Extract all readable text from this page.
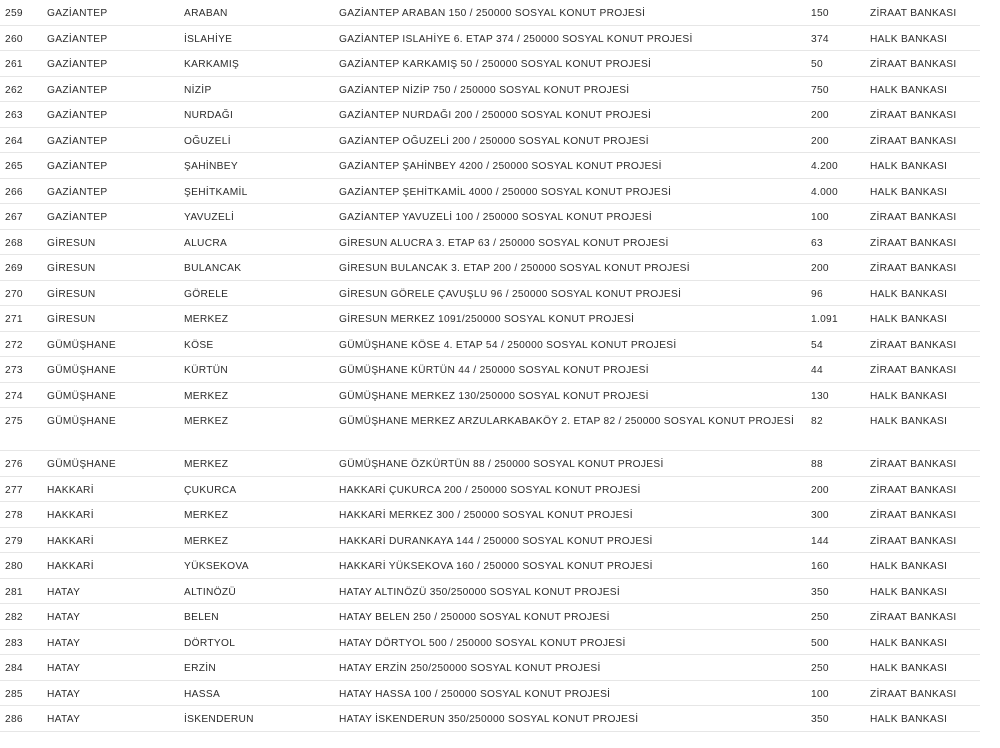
259	GAZİANTEP	ARABAN	GAZİANTEP ARABAN 150 / 250000 SOSYAL KONUT PROJESİ	150	ZİRAAT BANKASI
260	GAZİANTEP	İSLAHİYE	GAZİANTEP ISLAHİYE 6. ETAP 374 / 250000 SOSYAL KONUT PROJESİ	374	HALK BANKASI
261	GAZİANTEP	KARKAMIŞ	GAZİANTEP KARKAMIŞ 50 / 250000 SOSYAL KONUT PROJESİ	50	ZİRAAT BANKASI
262	GAZİANTEP	NİZİP	GAZİANTEP NİZİP 750 / 250000 SOSYAL KONUT PROJESİ	750	HALK BANKASI
263	GAZİANTEP	NURDAĞI	GAZİANTEP NURDAĞI 200 / 250000 SOSYAL KONUT PROJESİ	200	ZİRAAT BANKASI
264	GAZİANTEP	OĞUZELİ	GAZİANTEP OĞUZELİ 200 / 250000 SOSYAL KONUT PROJESİ	200	ZİRAAT BANKASI
265	GAZİANTEP	ŞAHİNBEY	GAZİANTEP ŞAHİNBEY 4200 / 250000 SOSYAL KONUT PROJESİ	4.200	HALK BANKASI
266	GAZİANTEP	ŞEHİTKAMİL	GAZİANTEP ŞEHİTKAMİL 4000 / 250000 SOSYAL KONUT PROJESİ	4.000	HALK BANKASI
267	GAZİANTEP	YAVUZELİ	GAZİANTEP YAVUZELİ 100 / 250000 SOSYAL KONUT PROJESİ	100	ZİRAAT BANKASI
268	GİRESUN	ALUCRA	GİRESUN ALUCRA 3. ETAP 63 / 250000 SOSYAL KONUT PROJESİ	63	ZİRAAT BANKASI
269	GİRESUN	BULANCAK	GİRESUN BULANCAK 3. ETAP 200 / 250000 SOSYAL KONUT PROJESİ	200	ZİRAAT BANKASI
270	GİRESUN	GÖRELE	GİRESUN GÖRELE ÇAVUŞLU 96 / 250000 SOSYAL KONUT PROJESİ	96	HALK BANKASI
271	GİRESUN	MERKEZ	GİRESUN MERKEZ 1091/250000 SOSYAL KONUT PROJESİ	1.091	HALK BANKASI
272	GÜMÜŞHANE	KÖSE	GÜMÜŞHANE KÖSE 4. ETAP 54 / 250000 SOSYAL KONUT PROJESİ	54	ZİRAAT BANKASI
273	GÜMÜŞHANE	KÜRTÜN	GÜMÜŞHANE KÜRTÜN 44 / 250000 SOSYAL KONUT PROJESİ	44	ZİRAAT BANKASI
274	GÜMÜŞHANE	MERKEZ	GÜMÜŞHANE MERKEZ 130/250000 SOSYAL KONUT PROJESİ	130	HALK BANKASI
275	GÜMÜŞHANE	MERKEZ	GÜMÜŞHANE MERKEZ ARZULARKABAKÖY 2. ETAP 82 / 250000 SOSYAL KONUT PROJESİ	82	HALK BANKASI
276	GÜMÜŞHANE	MERKEZ	GÜMÜŞHANE ÖZKÜRTÜN 88 / 250000 SOSYAL KONUT PROJESİ	88	ZİRAAT BANKASI
277	HAKKARİ	ÇUKURCA	HAKKARİ ÇUKURCA 200 / 250000 SOSYAL KONUT PROJESİ	200	ZİRAAT BANKASI
278	HAKKARİ	MERKEZ	HAKKARİ MERKEZ 300 / 250000 SOSYAL KONUT PROJESİ	300	ZİRAAT BANKASI
279	HAKKARİ	MERKEZ	HAKKARİ DURANKAYA 144 / 250000 SOSYAL KONUT PROJESİ	144	ZİRAAT BANKASI
280	HAKKARİ	YÜKSEKOVA	HAKKARİ YÜKSEKOVA 160 / 250000 SOSYAL KONUT PROJESİ	160	HALK BANKASI
281	HATAY	ALTINÖZÜ	HATAY ALTINÖZÜ 350/250000 SOSYAL KONUT PROJESİ	350	HALK BANKASI
282	HATAY	BELEN	HATAY BELEN 250 / 250000 SOSYAL KONUT PROJESİ	250	ZİRAAT BANKASI
283	HATAY	DÖRTYOL	HATAY DÖRTYOL 500 / 250000 SOSYAL KONUT PROJESİ	500	HALK BANKASI
284	HATAY	ERZİN	HATAY ERZİN 250/250000 SOSYAL KONUT PROJESİ	250	HALK BANKASI
285	HATAY	HASSA	HATAY HASSA 100 / 250000 SOSYAL KONUT PROJESİ	100	ZİRAAT BANKASI
286	HATAY	İSKENDERUN	HATAY İSKENDERUN 350/250000 SOSYAL KONUT PROJESİ	350	HALK BANKASI
